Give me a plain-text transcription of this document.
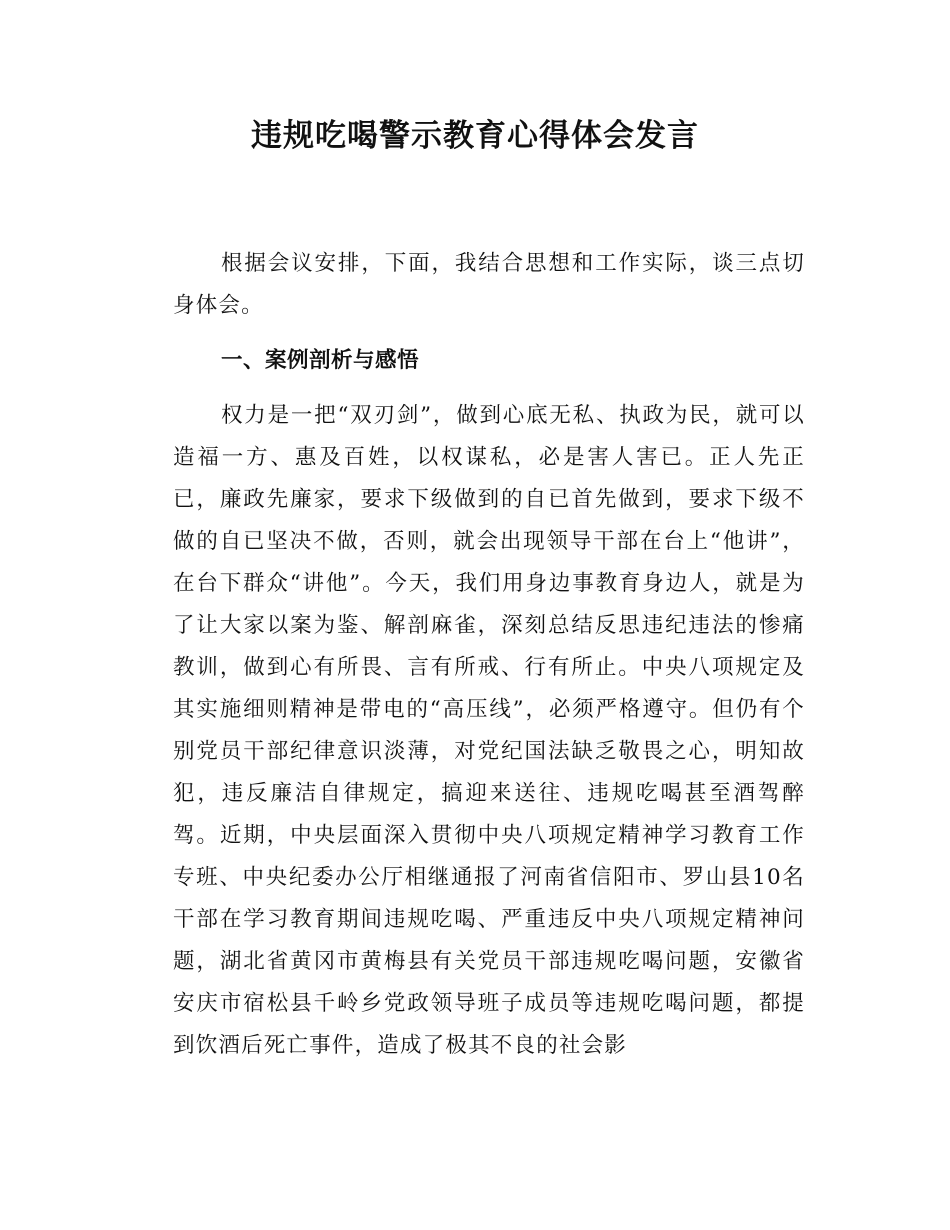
违规吃喝警示教育心得体会发言

根据会议安排，下面，我结合思想和工作实际，谈三点切身体会。

一、案例剖析与感悟

权力是一把“双刃剑”，做到心底无私、执政为民，就可以造福一方、惠及百姓，以权谋私，必是害人害已。正人先正已，廉政先廉家，要求下级做到的自已首先做到，要求下级不做的自已坚决不做，否则，就会出现领导干部在台上“他讲”，在台下群众“讲他”。今天，我们用身边事教育身边人，就是为了让大家以案为鉴、解剖麻雀，深刻总结反思违纪违法的惨痛教训，做到心有所畏、言有所戒、行有所止。中央八项规定及其实施细则精神是带电的“高压线”，必须严格遵守。但仍有个别党员干部纪律意识淡薄，对党纪国法缺乏敬畏之心，明知故犯，违反廉洁自律规定，搞迎来送往、违规吃喝甚至酒驾醉驾。近期，中央层面深入贯彻中央八项规定精神学习教育工作专班、中央纪委办公厅相继通报了河南省信阳市、罗山县10名干部在学习教育期间违规吃喝、严重违反中央八项规定精神问题，湖北省黄冈市黄梅县有关党员干部违规吃喝问题，安徽省安庆市宿松县千岭乡党政领导班子成员等违规吃喝问题，都提到饮酒后死亡事件，造成了极其不良的社会影
